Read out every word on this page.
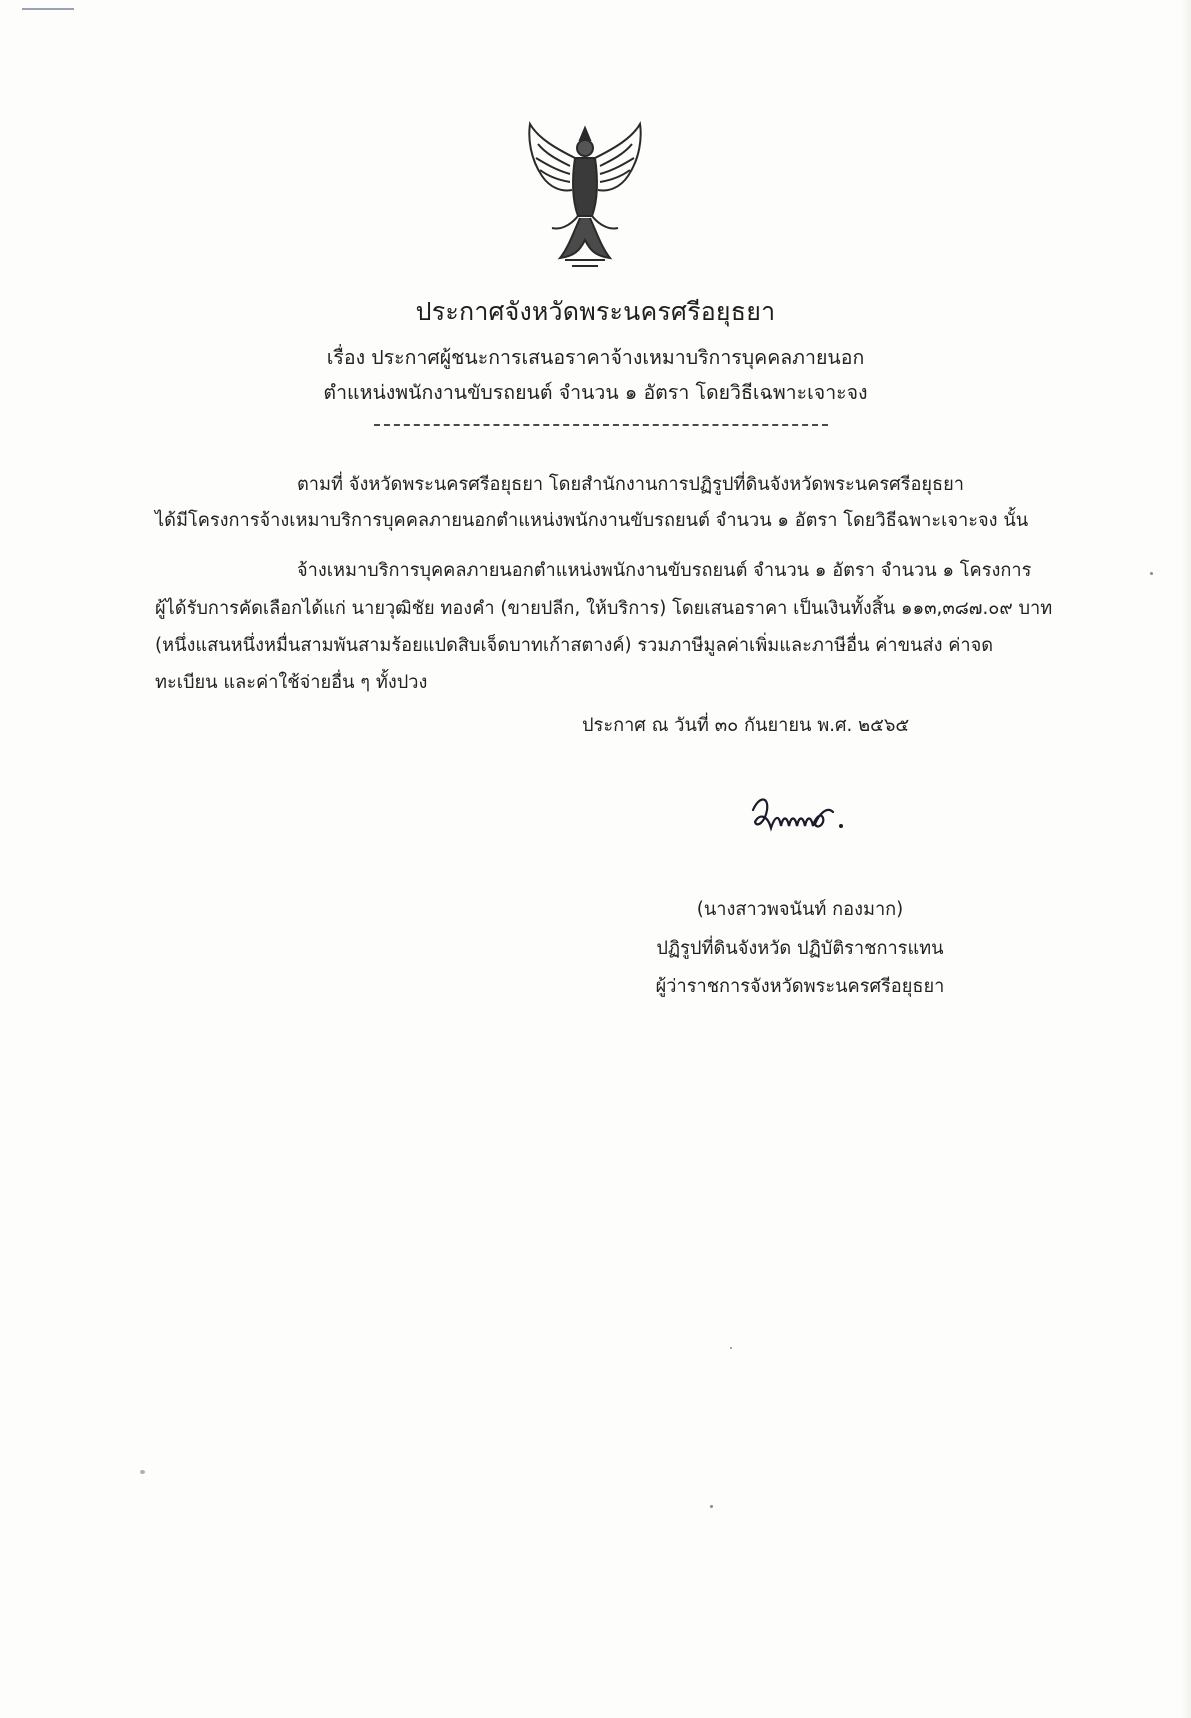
ประกาศจังหวัดพระนครศรีอยุธยา
เรื่อง ประกาศผู้ชนะการเสนอราคาจ้างเหมาบริการบุคคลภายนอก
ตำแหน่งพนักงานขับรถยนต์ จำนวน ๑ อัตรา โดยวิธีเฉพาะเจาะจง
ตามที่ จังหวัดพระนครศรีอยุธยา โดยสำนักงานการปฏิรูปที่ดินจังหวัดพระนครศรีอยุธยา
ได้มีโครงการจ้างเหมาบริการบุคคลภายนอกตำแหน่งพนักงานขับรถยนต์ จำนวน ๑ อัตรา โดยวิธีฉพาะเจาะจง นั้น
จ้างเหมาบริการบุคคลภายนอกตำแหน่งพนักงานขับรถยนต์ จำนวน ๑ อัตรา จำนวน ๑ โครงการ
ผู้ได้รับการคัดเลือกได้แก่ นายวุฒิชัย ทองคำ (ขายปลีก, ให้บริการ) โดยเสนอราคา เป็นเงินทั้งสิ้น ๑๑๓,๓๘๗.๐๙ บาท
(หนึ่งแสนหนึ่งหมื่นสามพันสามร้อยแปดสิบเจ็ดบาทเก้าสตางค์) รวมภาษีมูลค่าเพิ่มและภาษีอื่น ค่าขนส่ง ค่าจด
ทะเบียน และค่าใช้จ่ายอื่น ๆ ทั้งปวง
ประกาศ ณ วันที่ ๓๐ กันยายน พ.ศ. ๒๕๖๕
(นางสาวพจนันท์ กองมาก)
ปฏิรูปที่ดินจังหวัด ปฏิบัติราชการแทน
ผู้ว่าราชการจังหวัดพระนครศรีอยุธยา
